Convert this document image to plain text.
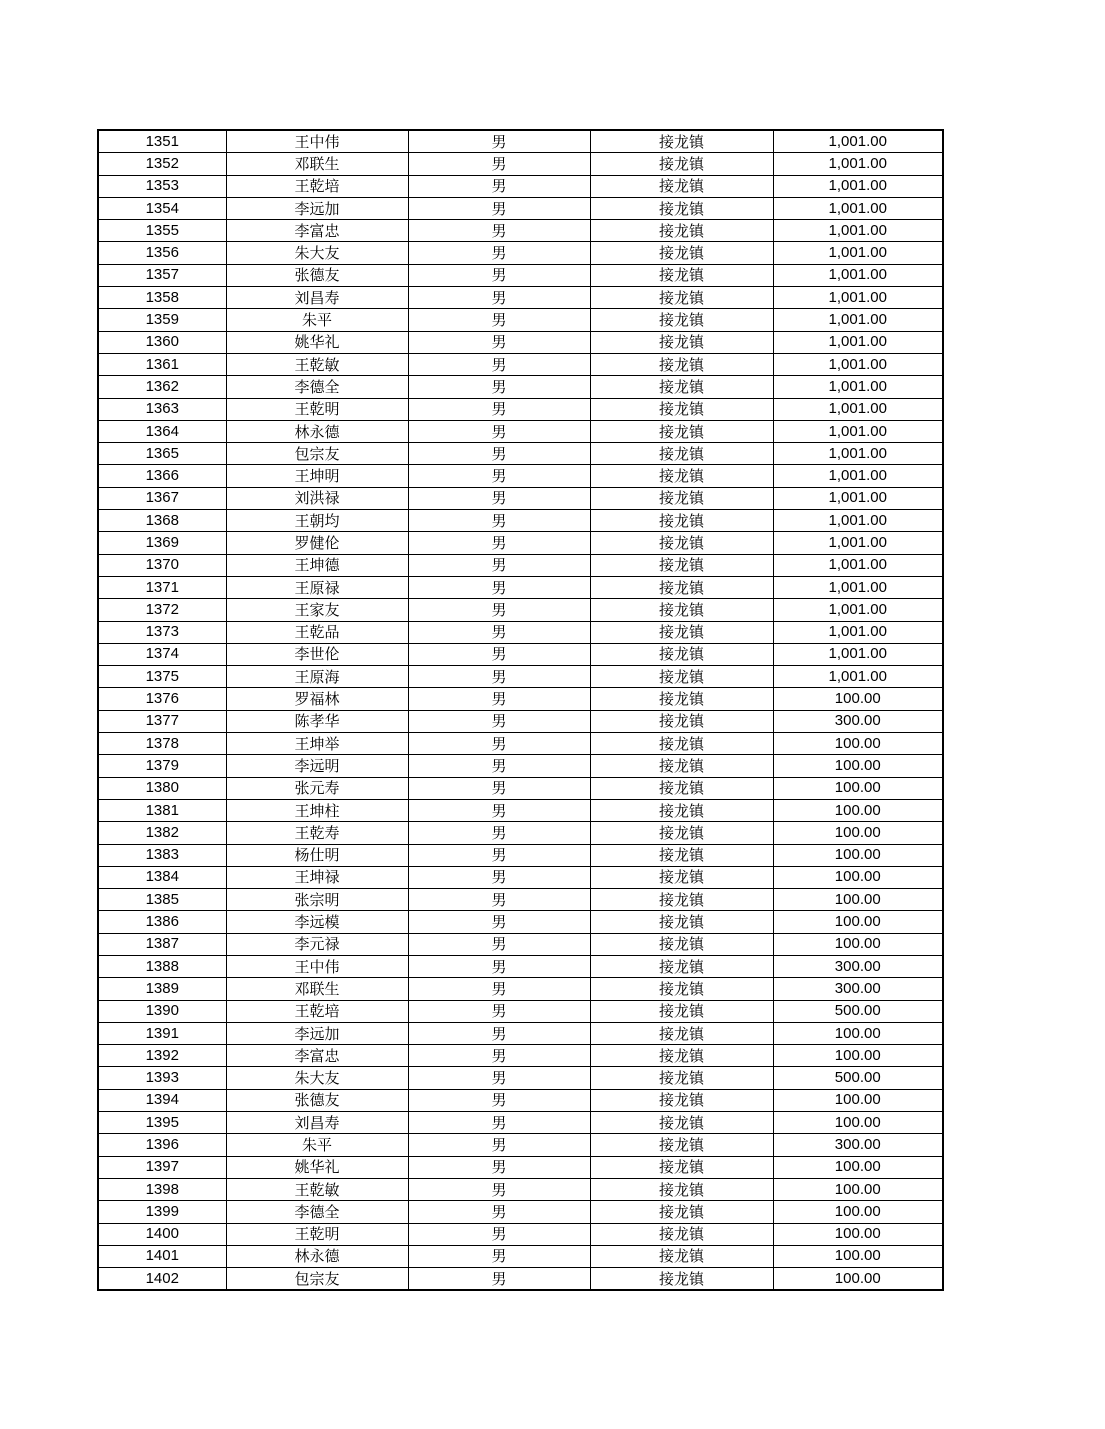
1351	王中伟	男	接龙镇	1,001.00
1352	邓联生	男	接龙镇	1,001.00
1353	王乾培	男	接龙镇	1,001.00
1354	李远加	男	接龙镇	1,001.00
1355	李富忠	男	接龙镇	1,001.00
1356	朱大友	男	接龙镇	1,001.00
1357	张德友	男	接龙镇	1,001.00
1358	刘昌寿	男	接龙镇	1,001.00
1359	朱平	男	接龙镇	1,001.00
1360	姚华礼	男	接龙镇	1,001.00
1361	王乾敏	男	接龙镇	1,001.00
1362	李德全	男	接龙镇	1,001.00
1363	王乾明	男	接龙镇	1,001.00
1364	林永德	男	接龙镇	1,001.00
1365	包宗友	男	接龙镇	1,001.00
1366	王坤明	男	接龙镇	1,001.00
1367	刘洪禄	男	接龙镇	1,001.00
1368	王朝均	男	接龙镇	1,001.00
1369	罗健伦	男	接龙镇	1,001.00
1370	王坤德	男	接龙镇	1,001.00
1371	王原禄	男	接龙镇	1,001.00
1372	王家友	男	接龙镇	1,001.00
1373	王乾品	男	接龙镇	1,001.00
1374	李世伦	男	接龙镇	1,001.00
1375	王原海	男	接龙镇	1,001.00
1376	罗福林	男	接龙镇	100.00
1377	陈孝华	男	接龙镇	300.00
1378	王坤举	男	接龙镇	100.00
1379	李远明	男	接龙镇	100.00
1380	张元寿	男	接龙镇	100.00
1381	王坤柱	男	接龙镇	100.00
1382	王乾寿	男	接龙镇	100.00
1383	杨仕明	男	接龙镇	100.00
1384	王坤禄	男	接龙镇	100.00
1385	张宗明	男	接龙镇	100.00
1386	李远模	男	接龙镇	100.00
1387	李元禄	男	接龙镇	100.00
1388	王中伟	男	接龙镇	300.00
1389	邓联生	男	接龙镇	300.00
1390	王乾培	男	接龙镇	500.00
1391	李远加	男	接龙镇	100.00
1392	李富忠	男	接龙镇	100.00
1393	朱大友	男	接龙镇	500.00
1394	张德友	男	接龙镇	100.00
1395	刘昌寿	男	接龙镇	100.00
1396	朱平	男	接龙镇	300.00
1397	姚华礼	男	接龙镇	100.00
1398	王乾敏	男	接龙镇	100.00
1399	李德全	男	接龙镇	100.00
1400	王乾明	男	接龙镇	100.00
1401	林永德	男	接龙镇	100.00
1402	包宗友	男	接龙镇	100.00
